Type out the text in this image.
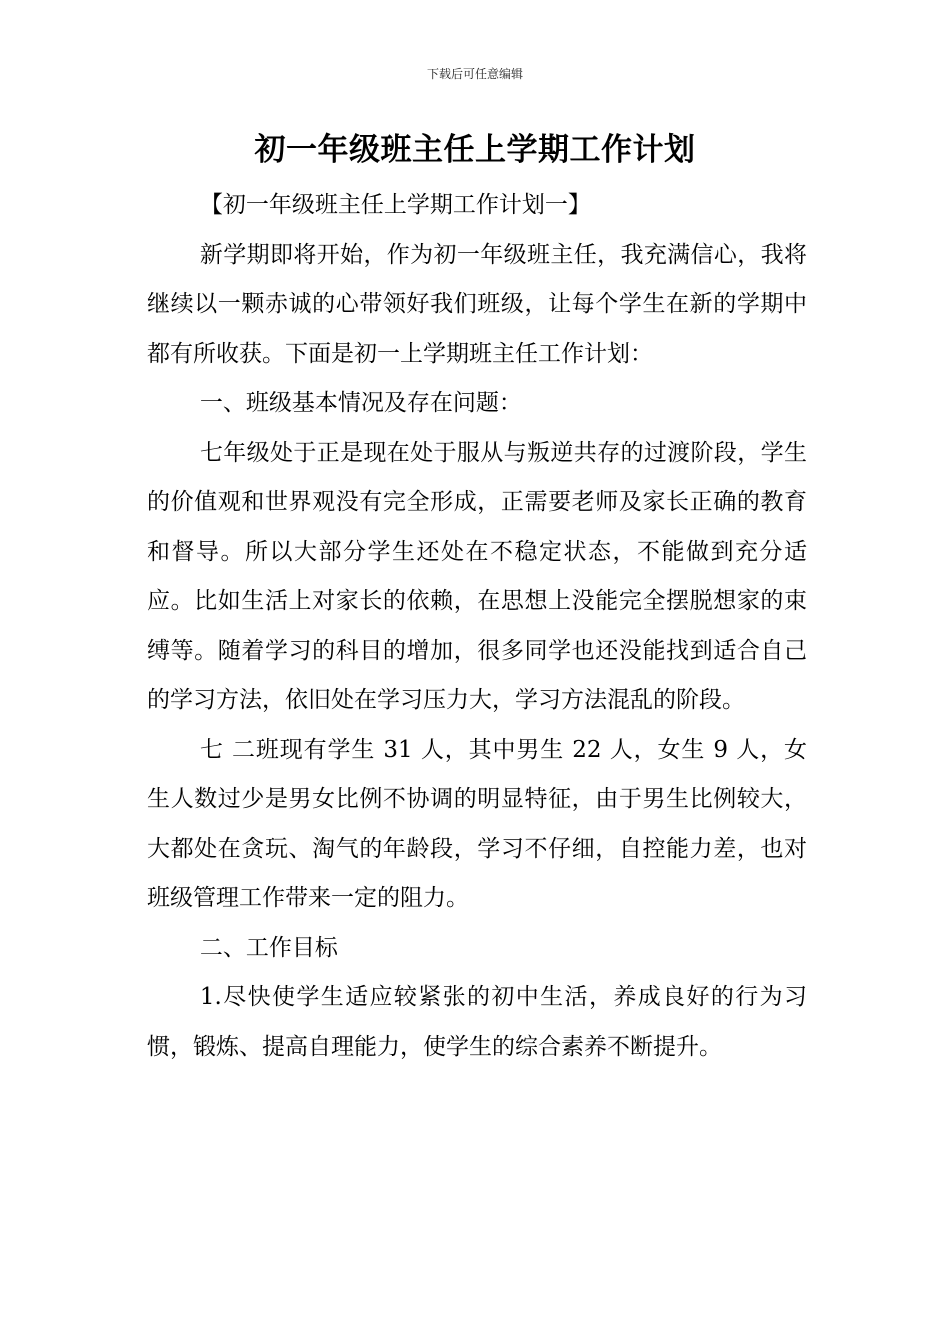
下载后可任意编辑
初一年级班主任上学期工作计划

【初一年级班主任上学期工作计划一】

新学期即将开始，作为初一年级班主任，我充满信心，我将继续以一颗赤诚的心带领好我们班级，让每个学生在新的学期中都有所收获。下面是初一上学期班主任工作计划：

一、班级基本情况及存在问题：

七年级处于正是现在处于服从与叛逆共存的过渡阶段，学生的价值观和世界观没有完全形成，正需要老师及家长正确的教育和督导。所以大部分学生还处在不稳定状态，不能做到充分适应。比如生活上对家长的依赖，在思想上没能完全摆脱想家的束缚等。随着学习的科目的增加，很多同学也还没能找到适合自己的学习方法，依旧处在学习压力大，学习方法混乱的阶段。

七 二班现有学生 31 人，其中男生 22 人，女生 9 人，女生人数过少是男女比例不协调的明显特征，由于男生比例较大，大都处在贪玩、淘气的年龄段，学习不仔细，自控能力差，也对班级管理工作带来一定的阻力。

二、工作目标

1.尽快使学生适应较紧张的初中生活，养成良好的行为习惯，锻炼、提高自理能力，使学生的综合素养不断提升。
